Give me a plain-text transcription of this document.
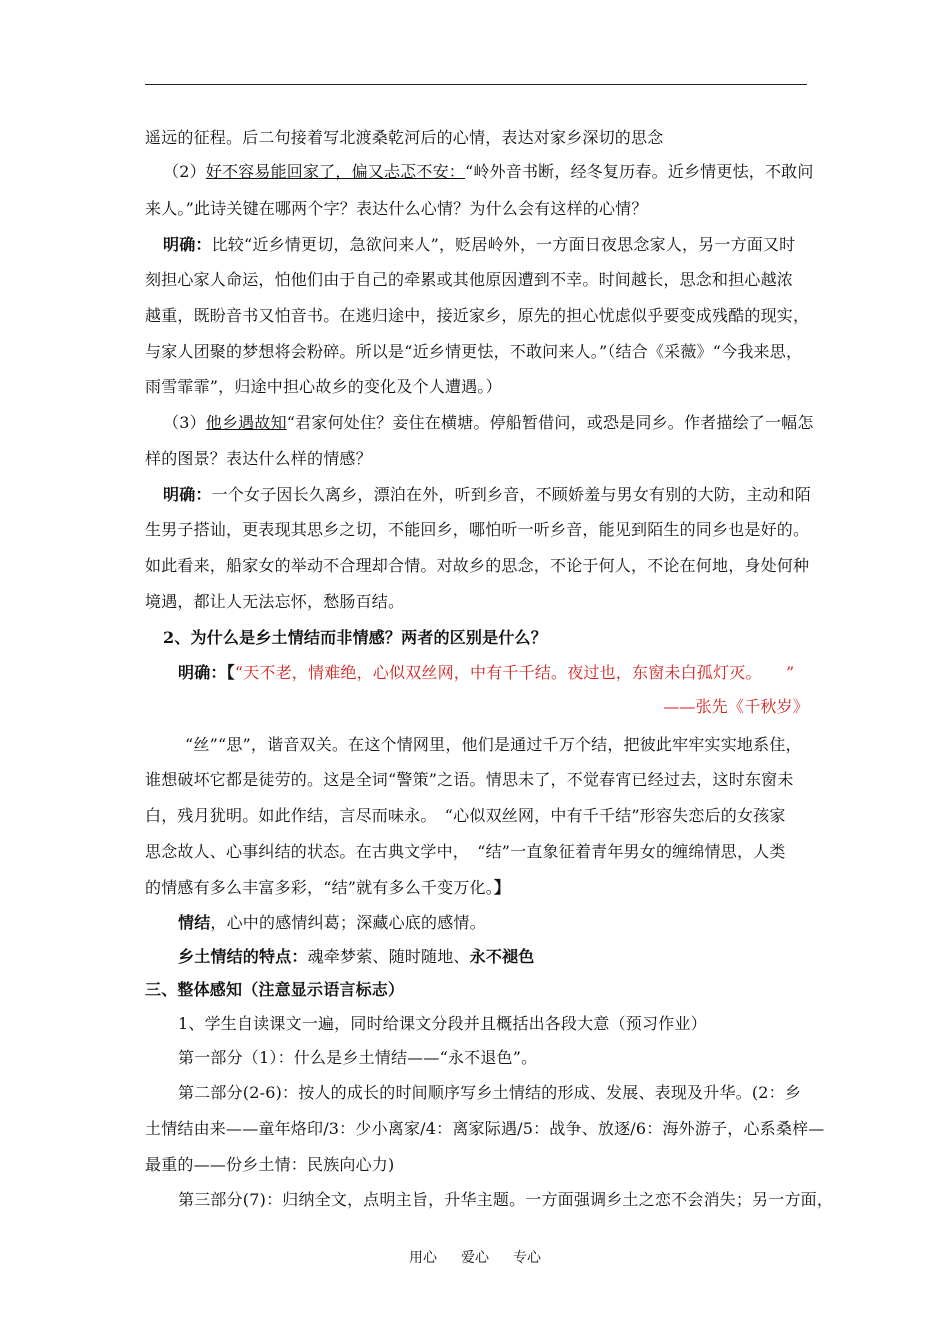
遥远的征程。后二句接着写北渡桑乾河后的心情，表达对家乡深切的思念
（2）好不容易能回家了，偏又忐忑不安：“岭外音书断，经冬复历春。近乡情更怯，不敢问
来人。”此诗关键在哪两个字？表达什么心情？为什么会有这样的心情？
明确：比较“近乡情更切，急欲问来人”，贬居岭外，一方面日夜思念家人，另一方面又时
刻担心家人命运，怕他们由于自己的牵累或其他原因遭到不幸。时间越长，思念和担心越浓
越重，既盼音书又怕音书。在逃归途中，接近家乡，原先的担心忧虑似乎要变成残酷的现实，
与家人团聚的梦想将会粉碎。所以是“近乡情更怯，不敢问来人。”（结合《采薇》“今我来思，
雨雪霏霏”，归途中担心故乡的变化及个人遭遇。）
（3）他乡遇故知“君家何处住？妾住在横塘。停船暂借问，或恐是同乡。作者描绘了一幅怎
样的图景？表达什么样的情感？
明确：一个女子因长久离乡，漂泊在外，听到乡音，不顾娇羞与男女有别的大防，主动和陌
生男子搭讪，更表现其思乡之切，不能回乡，哪怕听一听乡音，能见到陌生的同乡也是好的。
如此看来，船家女的举动不合理却合情。对故乡的思念，不论于何人，不论在何地，身处何种
境遇，都让人无法忘怀，愁肠百结。
2、为什么是乡土情结而非情感？两者的区别是什么？
明确：【“天不老，情难绝，心似双丝网，中有千千结。夜过也，东窗未白孤灯灭。　　”
——张先《千秋岁》
“丝”“思”，谐音双关。在这个情网里，他们是通过千万个结，把彼此牢牢实实地系住，
谁想破坏它都是徒劳的。这是全词“警策”之语。情思未了，不觉春宵已经过去，这时东窗未
白，残月犹明。如此作结，言尽而味永。　“心似双丝网，中有千千结”形容失恋后的女孩家
思念故人、心事纠结的状态。在古典文学中，　“结”一直象征着青年男女的缠绵情思，人类
的情感有多么丰富多彩，“结”就有多么千变万化。】
情结，心中的感情纠葛；深藏心底的感情。
乡土情结的特点：魂牵梦萦、随时随地、永不褪色
三、整体感知（注意显示语言标志）
1、学生自读课文一遍，同时给课文分段并且概括出各段大意（预习作业）
第一部分（1）：什么是乡土情结——“永不退色”。
第二部分(2-6)：按人的成长的时间顺序写乡土情结的形成、发展、表现及升华。(2：乡
土情结由来——童年烙印/3：少小离家/4：离家际遇/5：战争、放逐/6：海外游子，心系桑梓—
最重的——份乡土情：民族向心力)
第三部分(7)：归纳全文，点明主旨，升华主题。一方面强调乡土之恋不会消失；另一方面，
用心 爱心 专心
